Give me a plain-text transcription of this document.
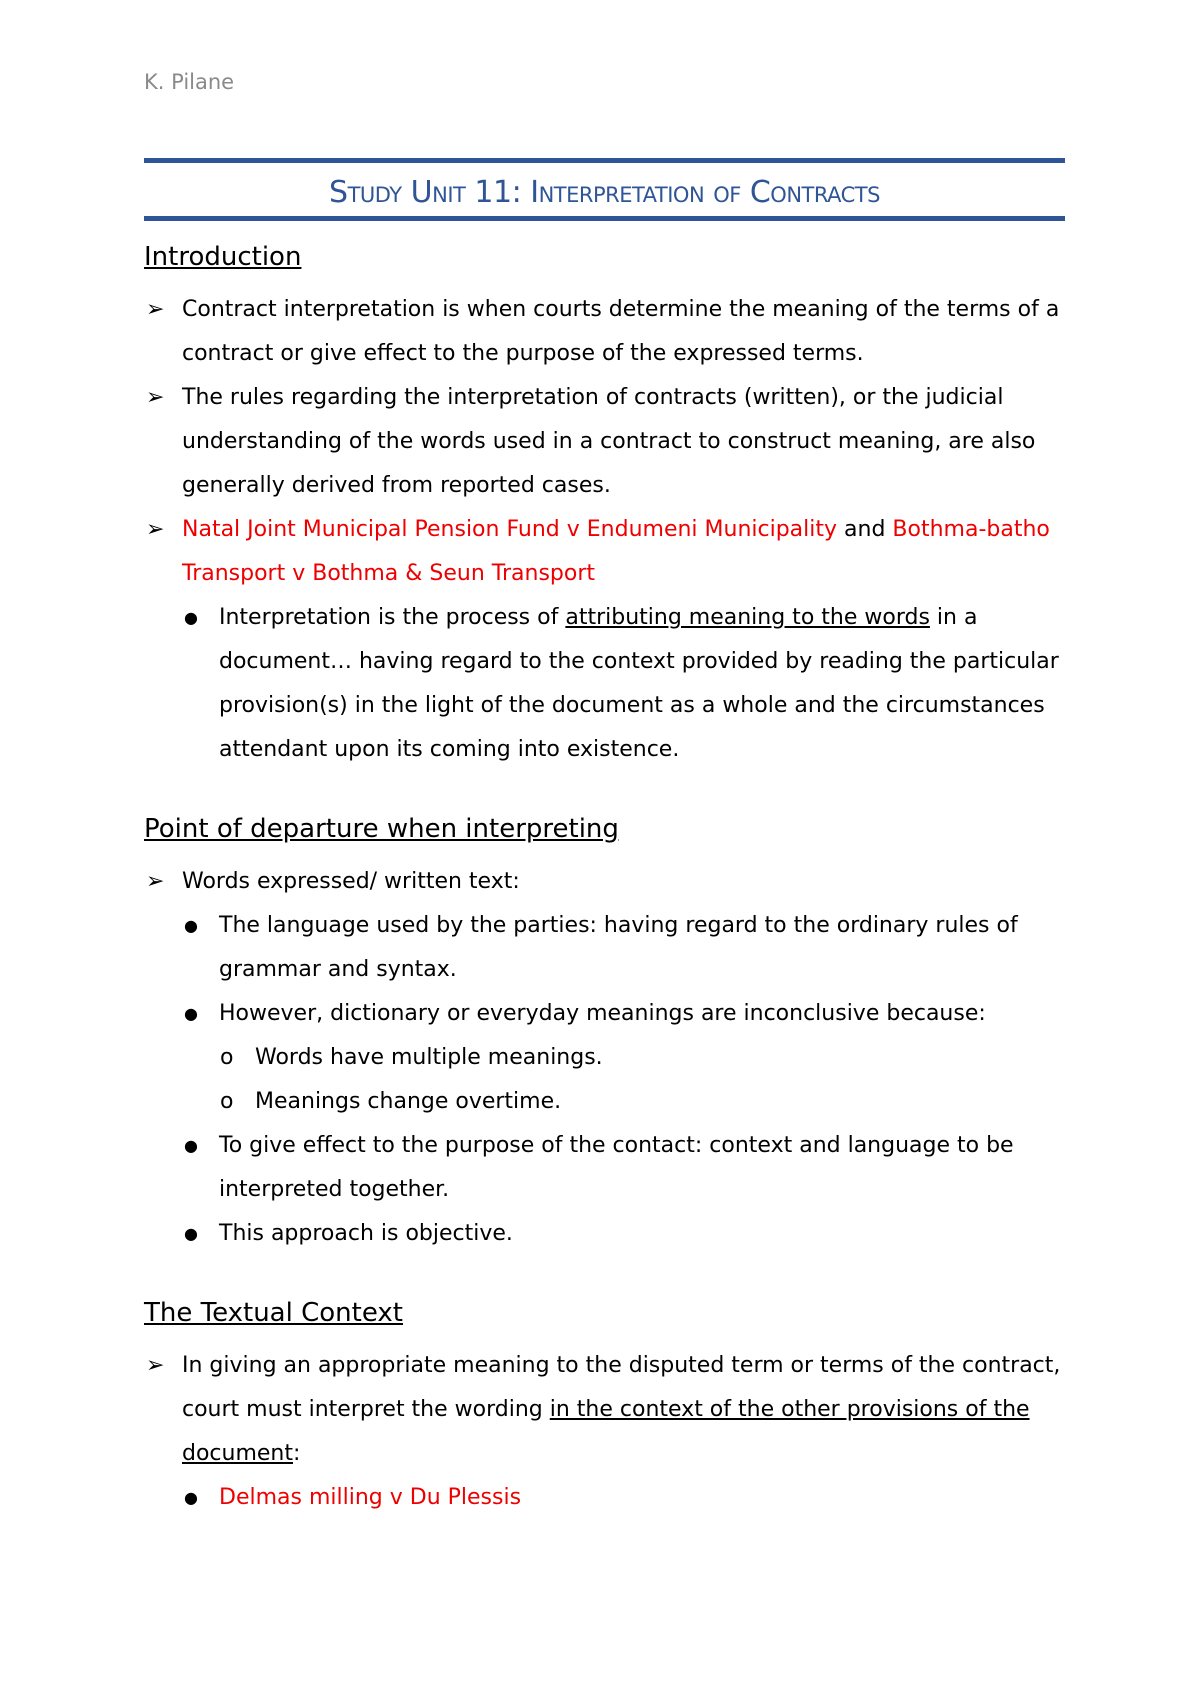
K. Pilane
Study Unit 11: Interpretation of Contracts
Introduction
➢ Contract interpretation is when courts determine the meaning of the terms of a contract or give effect to the purpose of the expressed terms.
➢ The rules regarding the interpretation of contracts (written), or the judicial understanding of the words used in a contract to construct meaning, are also generally derived from reported cases.
➢ Natal Joint Municipal Pension Fund v Endumeni Municipality and Bothma-batho Transport v Bothma & Seun Transport
● Interpretation is the process of attributing meaning to the words in a document… having regard to the context provided by reading the particular provision(s) in the light of the document as a whole and the circumstances attendant upon its coming into existence.
Point of departure when interpreting
➢ Words expressed/ written text:
● The language used by the parties: having regard to the ordinary rules of grammar and syntax.
● However, dictionary or everyday meanings are inconclusive because:
o Words have multiple meanings.
o Meanings change overtime.
● To give effect to the purpose of the contact: context and language to be interpreted together.
● This approach is objective.
The Textual Context
➢ In giving an appropriate meaning to the disputed term or terms of the contract, court must interpret the wording in the context of the other provisions of the document:
● Delmas milling v Du Plessis
